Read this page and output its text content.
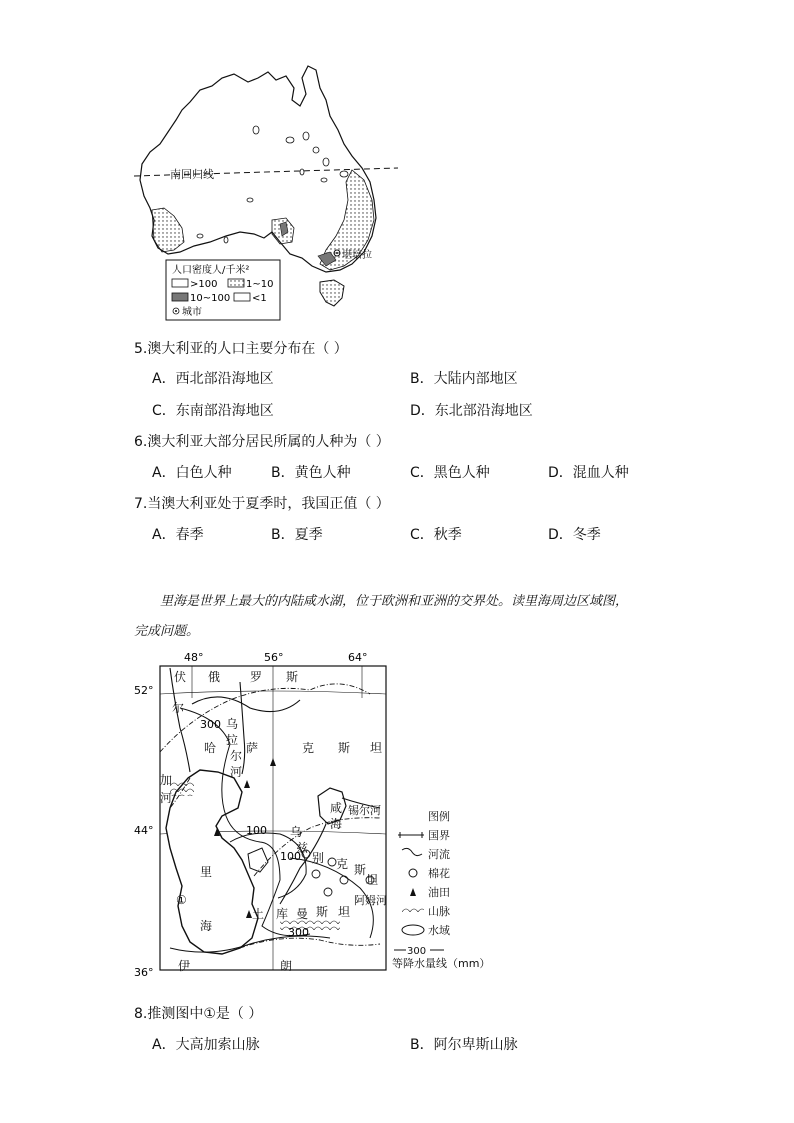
南回归线
堪培拉
人口密度人/千米²
>100	1~10
10~100 <1
城市
5.澳大利亚的人口主要分布在（ ）
A．西北部沿海地区	B．大陆内部地区
C．东南部沿海地区	D．东北部沿海地区
6.澳大利亚大部分居民所属的人种为（ ）
A．白色人种	B．黄色人种	C．黑色人种	D．混血人种
7.当澳大利亚处于夏季时，我国正值（ ）
A．春季	B．夏季	C．秋季	D．冬季
里海是世界上最大的内陆咸水湖，位于欧洲和亚洲的交界处。读里海周边区域图，
完成问题。
48°	56°	64°
52°
44°
36°
300
100
100
300
伏 俄 罗 斯
尔
加
河
哈 萨	克 斯 坦
乌
拉
尔
河
里
海
①
咸
海
锡尔河
乌
兹
别 克 斯
坦
阿姆河
土 库 曼 斯 坦
伊	朗
图例
国界
河流
棉花
油田
山脉
水域
300
等降水量线（mm）
8.推测图中①是（ ）
A．大高加索山脉	B．阿尔卑斯山脉
